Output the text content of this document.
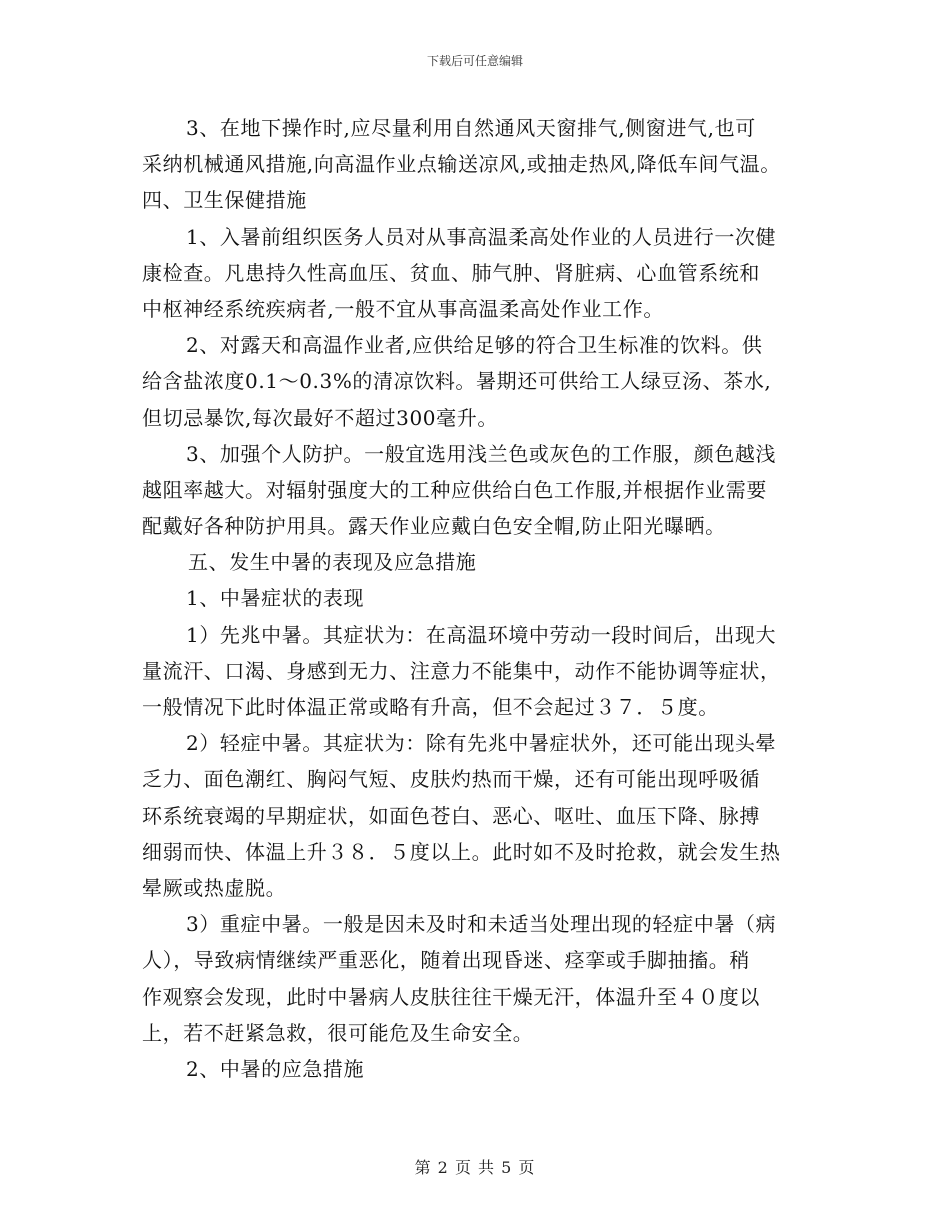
下载后可任意编辑
3、在地下操作时,应尽量利用自然通风天窗排气,侧窗进气,也可
采纳机械通风措施,向高温作业点输送凉风,或抽走热风,降低车间气温。
四、卫生保健措施
1、入暑前组织医务人员对从事高温柔高处作业的人员进行一次健
康检查。凡患持久性高血压、贫血、肺气肿、肾脏病、心血管系统和
中枢神经系统疾病者,一般不宜从事高温柔高处作业工作。
2、对露天和高温作业者,应供给足够的符合卫生标准的饮料。供
给含盐浓度0.1～0.3%的清凉饮料。暑期还可供给工人绿豆汤、茶水,
但切忌暴饮,每次最好不超过300毫升。
3、加强个人防护。一般宜选用浅兰色或灰色的工作服，颜色越浅
越阻率越大。对辐射强度大的工种应供给白色工作服,并根据作业需要
配戴好各种防护用具。露天作业应戴白色安全帽,防止阳光曝晒。
五、发生中暑的表现及应急措施
1、中暑症状的表现
1）先兆中暑。其症状为：在高温环境中劳动一段时间后，出现大
量流汗、口渴、身感到无力、注意力不能集中，动作不能协调等症状，
一般情况下此时体温正常或略有升高，但不会起过３７．５度。
2）轻症中暑。其症状为：除有先兆中暑症状外，还可能出现头晕
乏力、面色潮红、胸闷气短、皮肤灼热而干燥，还有可能出现呼吸循
环系统衰竭的早期症状，如面色苍白、恶心、呕吐、血压下降、脉搏
细弱而快、体温上升３８．５度以上。此时如不及时抢救，就会发生热
晕厥或热虚脱。
3）重症中暑。一般是因未及时和未适当处理出现的轻症中暑（病
人），导致病情继续严重恶化，随着出现昏迷、痉挛或手脚抽搐。稍
作观察会发现，此时中暑病人皮肤往往干燥无汗，体温升至４０度以
上，若不赶紧急救，很可能危及生命安全。
2、中暑的应急措施
第 2 页 共 5 页
